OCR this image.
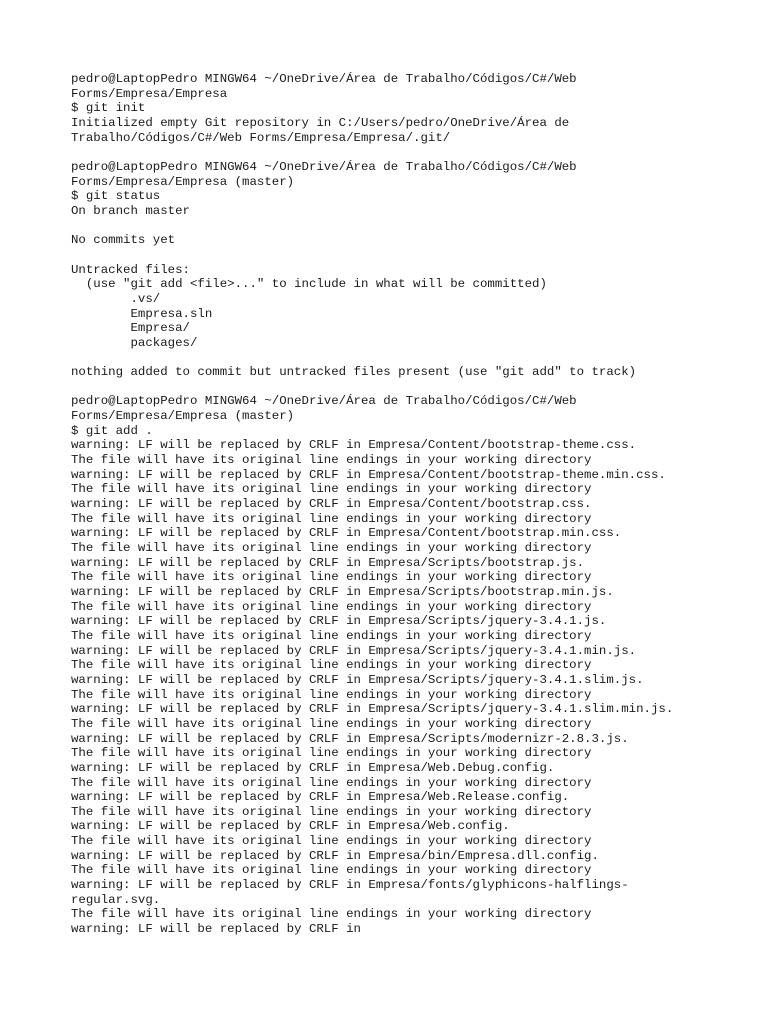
pedro@LaptopPedro MINGW64 ~/OneDrive/Área de Trabalho/Códigos/C#/Web
Forms/Empresa/Empresa
$ git init
Initialized empty Git repository in C:/Users/pedro/OneDrive/Área de
Trabalho/Códigos/C#/Web Forms/Empresa/Empresa/.git/
pedro@LaptopPedro MINGW64 ~/OneDrive/Área de Trabalho/Códigos/C#/Web
Forms/Empresa/Empresa (master)
$ git status
On branch master
No commits yet
Untracked files:
(use "git add <file>..." to include in what will be committed)
.vs/
Empresa.sln
Empresa/
packages/
nothing added to commit but untracked files present (use "git add" to track)
pedro@LaptopPedro MINGW64 ~/OneDrive/Área de Trabalho/Códigos/C#/Web
Forms/Empresa/Empresa (master)
$ git add .
warning: LF will be replaced by CRLF in Empresa/Content/bootstrap-theme.css.
The file will have its original line endings in your working directory
warning: LF will be replaced by CRLF in Empresa/Content/bootstrap-theme.min.css.
The file will have its original line endings in your working directory
warning: LF will be replaced by CRLF in Empresa/Content/bootstrap.css.
The file will have its original line endings in your working directory
warning: LF will be replaced by CRLF in Empresa/Content/bootstrap.min.css.
The file will have its original line endings in your working directory
warning: LF will be replaced by CRLF in Empresa/Scripts/bootstrap.js.
The file will have its original line endings in your working directory
warning: LF will be replaced by CRLF in Empresa/Scripts/bootstrap.min.js.
The file will have its original line endings in your working directory
warning: LF will be replaced by CRLF in Empresa/Scripts/jquery-3.4.1.js.
The file will have its original line endings in your working directory
warning: LF will be replaced by CRLF in Empresa/Scripts/jquery-3.4.1.min.js.
The file will have its original line endings in your working directory
warning: LF will be replaced by CRLF in Empresa/Scripts/jquery-3.4.1.slim.js.
The file will have its original line endings in your working directory
warning: LF will be replaced by CRLF in Empresa/Scripts/jquery-3.4.1.slim.min.js.
The file will have its original line endings in your working directory
warning: LF will be replaced by CRLF in Empresa/Scripts/modernizr-2.8.3.js.
The file will have its original line endings in your working directory
warning: LF will be replaced by CRLF in Empresa/Web.Debug.config.
The file will have its original line endings in your working directory
warning: LF will be replaced by CRLF in Empresa/Web.Release.config.
The file will have its original line endings in your working directory
warning: LF will be replaced by CRLF in Empresa/Web.config.
The file will have its original line endings in your working directory
warning: LF will be replaced by CRLF in Empresa/bin/Empresa.dll.config.
The file will have its original line endings in your working directory
warning: LF will be replaced by CRLF in Empresa/fonts/glyphicons-halflings-
regular.svg.
The file will have its original line endings in your working directory
warning: LF will be replaced by CRLF in
